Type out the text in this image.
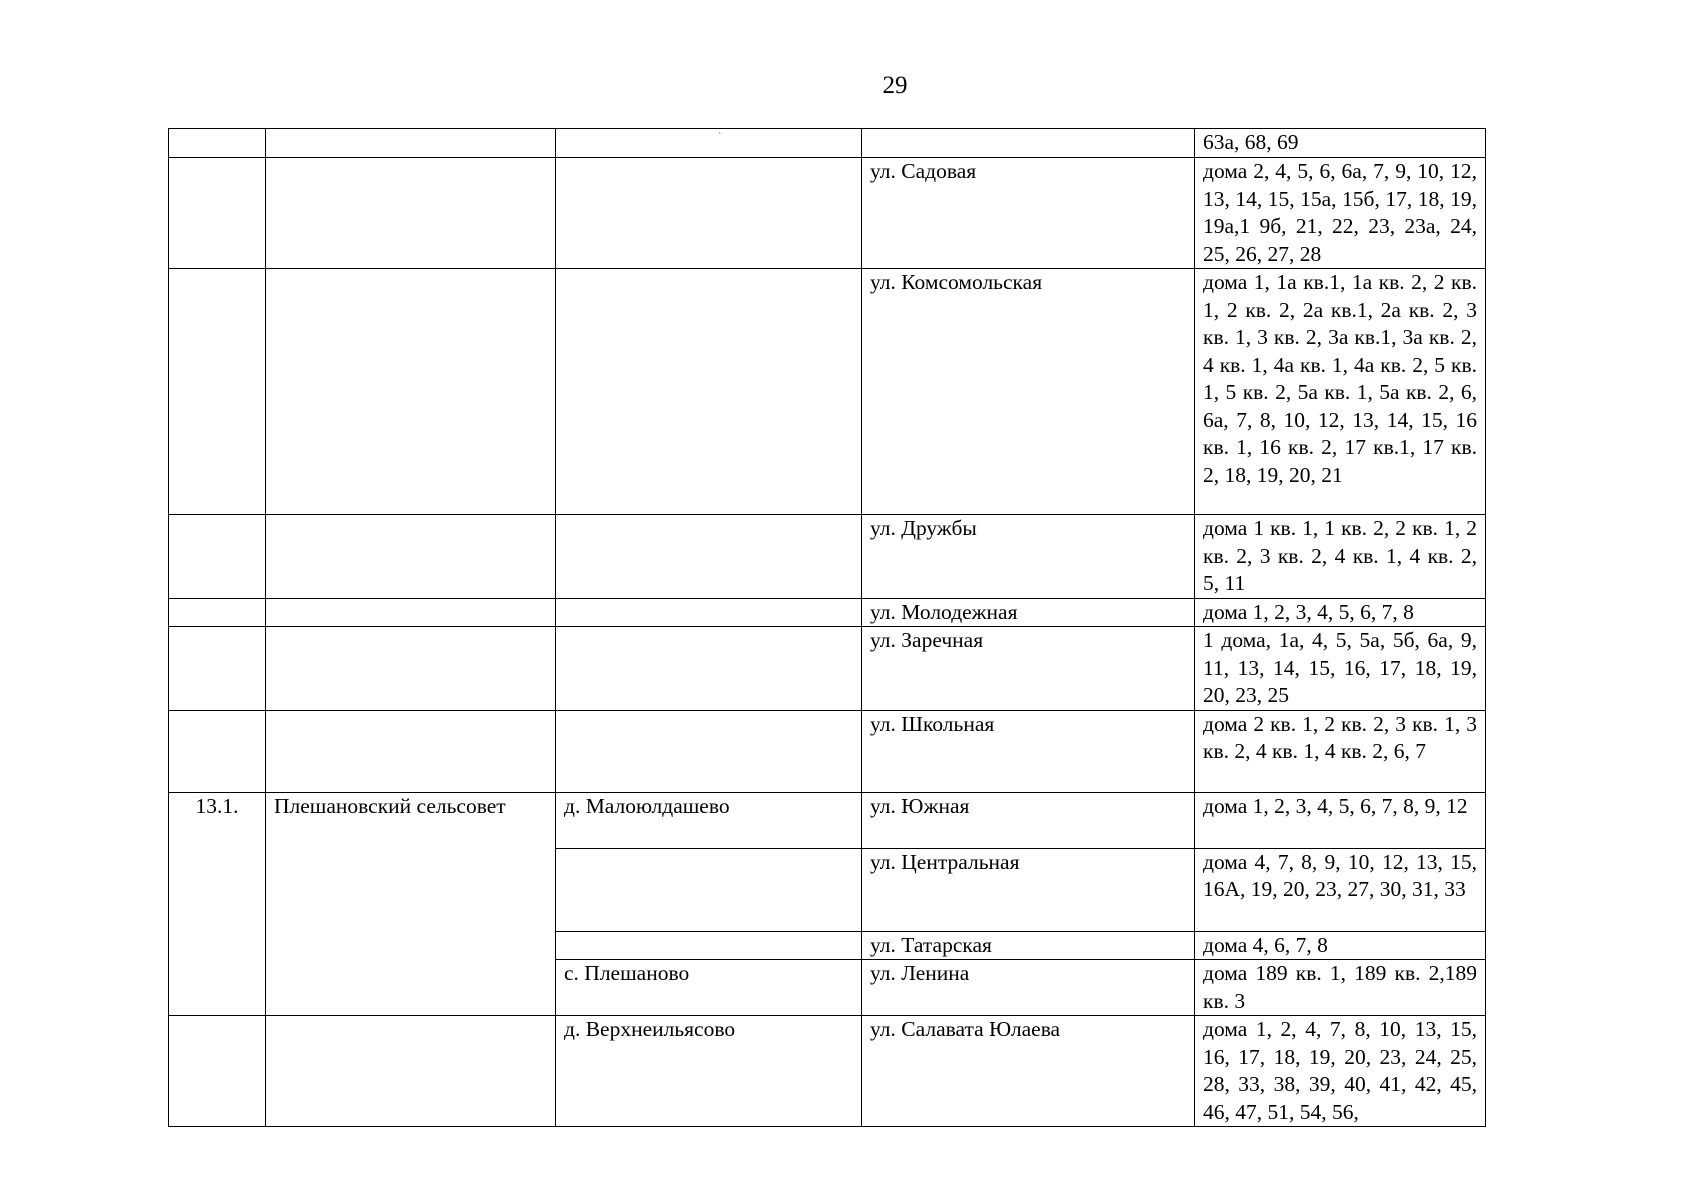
29
`
					63а, 68, 69
			ул. Садовая	дома 2, 4, 5, 6, 6а, 7, 9, 10, 12, 13, 14, 15, 15а, 15б, 17, 18, 19, 19а,1 9б, 21, 22, 23, 23а, 24, 25, 26, 27, 28
			ул. Комсомольская	дома 1, 1а кв.1, 1а кв. 2, 2 кв. 1, 2 кв. 2, 2а кв.1, 2а кв. 2, 3 кв. 1, 3 кв. 2, 3а кв.1, 3а кв. 2, 4 кв. 1, 4а кв. 1, 4а кв. 2, 5 кв. 1, 5 кв. 2, 5а кв. 1, 5а кв. 2, 6, 6а, 7, 8, 10, 12, 13, 14, 15, 16 кв. 1, 16 кв. 2, 17 кв.1, 17 кв. 2, 18, 19, 20, 21
			ул. Дружбы	дома 1 кв. 1, 1 кв. 2, 2 кв. 1, 2 кв. 2, 3 кв. 2, 4 кв. 1, 4 кв. 2, 5, 11
			ул. Молодежная	дома 1, 2, 3, 4, 5, 6, 7, 8
			ул. Заречная	1 дома, 1а, 4, 5, 5а, 5б, 6а, 9, 11, 13, 14, 15, 16, 17, 18, 19, 20, 23, 25
			ул. Школьная	дома 2 кв. 1, 2 кв. 2, 3 кв. 1, 3 кв. 2, 4 кв. 1, 4 кв. 2, 6, 7
13.1.	Плешановский сельсовет	д. Малоюлдашево	ул. Южная	дома 1, 2, 3, 4, 5, 6, 7, 8, 9, 12
			ул. Центральная	дома 4, 7, 8, 9, 10, 12, 13, 15, 16А, 19, 20, 23, 27, 30, 31, 33
			ул. Татарская	дома 4, 6, 7, 8
		с. Плешаново	ул. Ленина	дома 189 кв. 1, 189 кв. 2,189 кв. 3
		д. Верхнеильясово	ул. Салавата Юлаева	дома 1, 2, 4, 7, 8, 10, 13, 15, 16, 17, 18, 19, 20, 23, 24, 25, 28, 33, 38, 39, 40, 41, 42, 45, 46, 47, 51, 54, 56,
